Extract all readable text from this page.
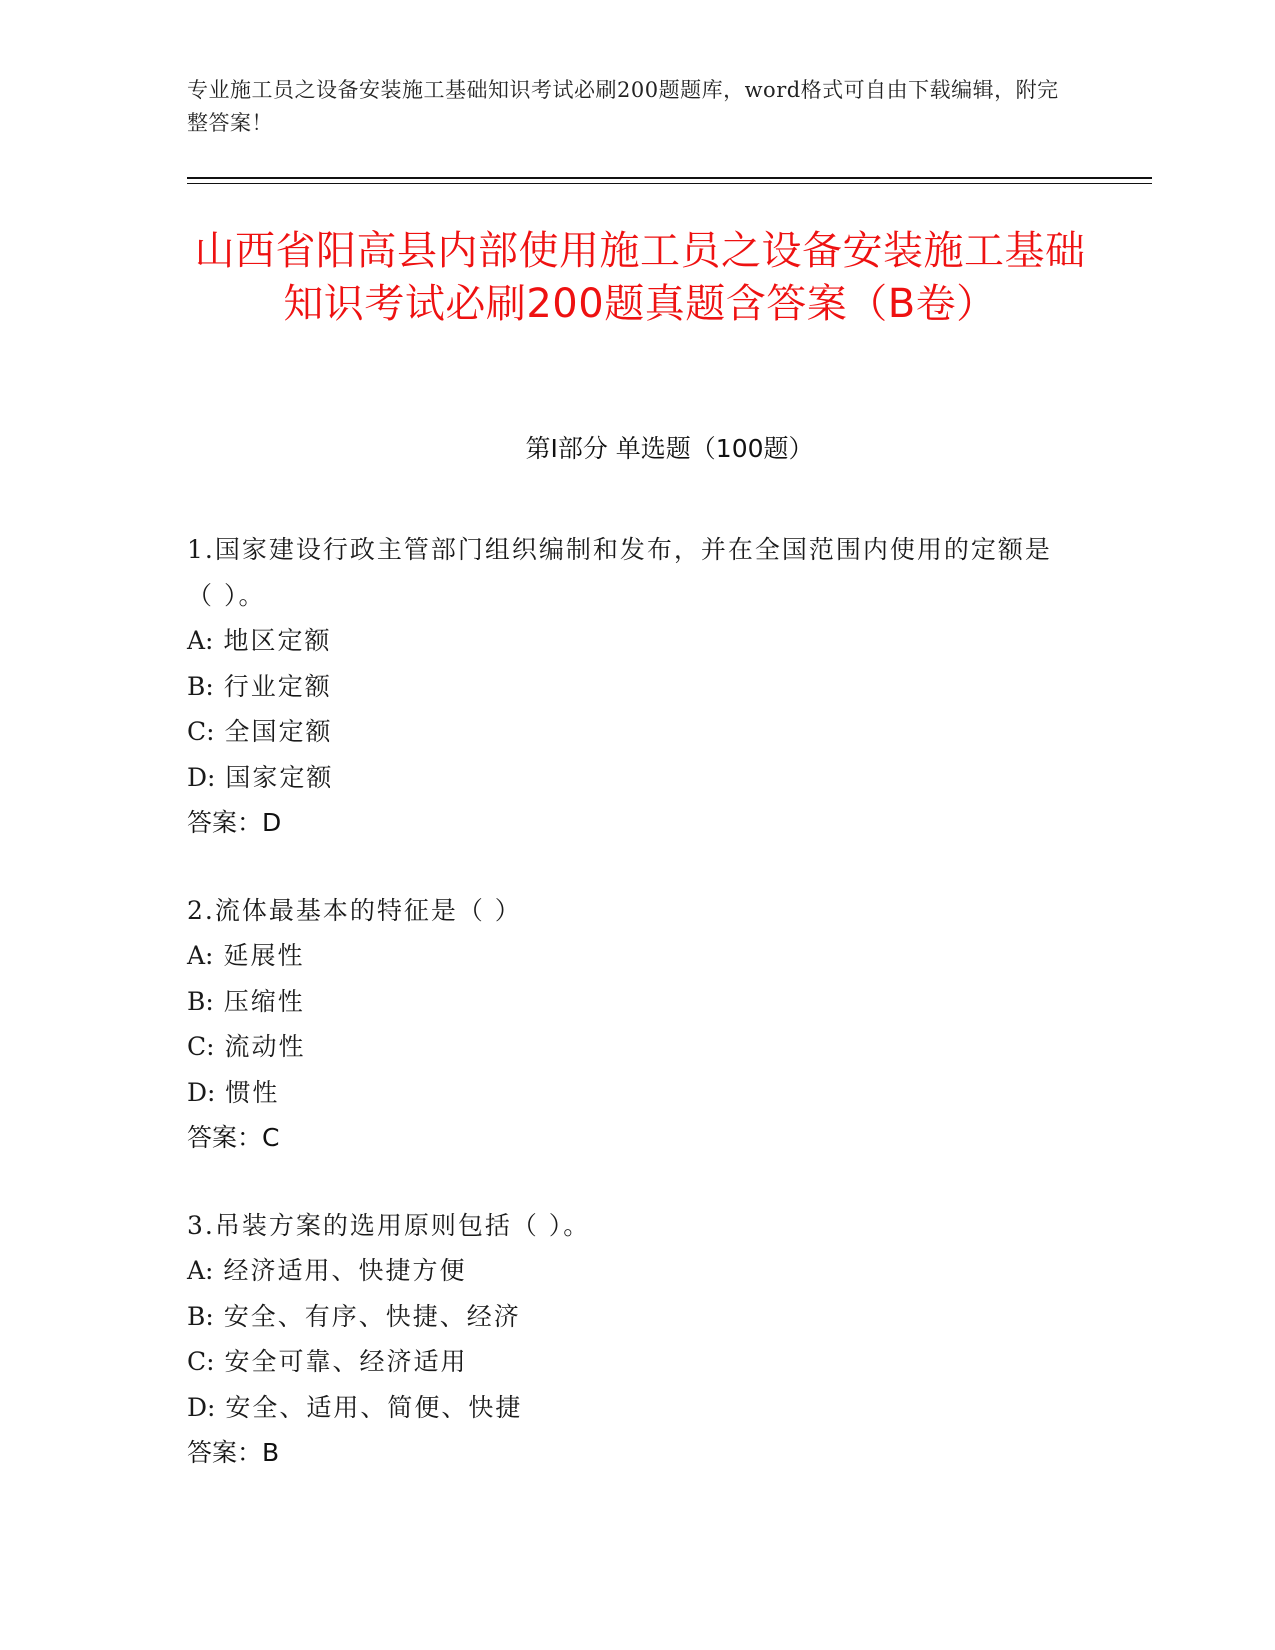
专业施工员之设备安装施工基础知识考试必刷200题题库，word格式可自由下载编辑，附完整答案！
山西省阳高县内部使用施工员之设备安装施工基础知识考试必刷200题真题含答案（B卷）
第I部分 单选题（100题）
1.国家建设行政主管部门组织编制和发布，并在全国范围内使用的定额是（ ）。
A: 地区定额
B: 行业定额
C: 全国定额
D: 国家定额
答案：D
2.流体最基本的特征是（ ）
A: 延展性
B: 压缩性
C: 流动性
D: 惯性
答案：C
3.吊装方案的选用原则包括（ ）。
A: 经济适用、快捷方便
B: 安全、有序、快捷、经济
C: 安全可靠、经济适用
D: 安全、适用、简便、快捷
答案：B
